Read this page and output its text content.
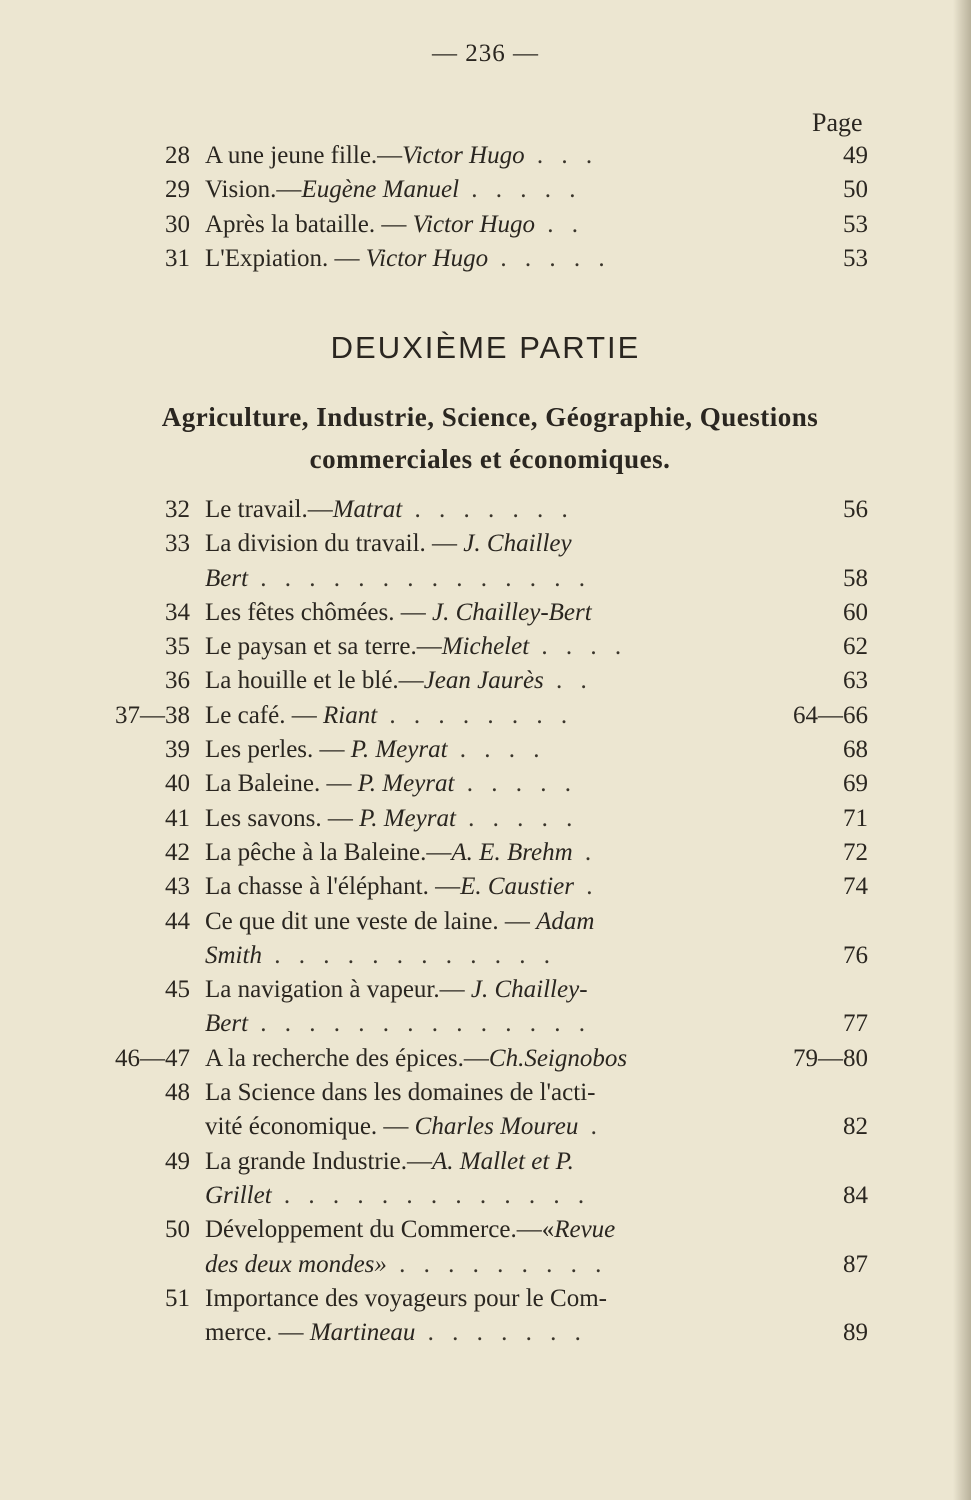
— 236 —
Page
28 A une jeune fille.—Victor Hugo . . .	49
29 Vision.—Eugène Manuel . . . . .	50
30 Après la bataille. — Victor Hugo . .	53
31 L'Expiation. — Victor Hugo . . . . .	53
DEUXIÈME PARTIE
Agriculture, Industrie, Science, Géographie, Questions commerciales et économiques.
32 Le travail.—Matrat . . . . . . .	56
33 La division du travail. — J. Chailley
Bert . . . . . . . . . . . . . .	58
34 Les fêtes chômées. — J. Chailley-Bert	60
35 Le paysan et sa terre.—Michelet . . . .	62
36 La houille et le blé.—Jean Jaurès . .	63
37—38 Le café. — Riant . . . . . . . .	64—66
39 Les perles. — P. Meyrat . . . .	68
40 La Baleine. — P. Meyrat . . . . .	69
41 Les savons. — P. Meyrat . . . . .	71
42 La pêche à la Baleine.—A. E. Brehm .	72
43 La chasse à l'éléphant. —E. Caustier .	74
44 Ce que dit une veste de laine. — Adam
Smith . . . . . . . . . . . .	76
45 La navigation à vapeur.— J. Chailley-
Bert . . . . . . . . . . . . . .	77
46—47 A la recherche des épices.—Ch.Seignobos	79—80
48 La Science dans les domaines de l'acti-
vité économique. — Charles Moureu .	82
49 La grande Industrie.—A. Mallet et P.
Grillet . . . . . . . . . . . . .	84
50 Développement du Commerce.—«Revue
des deux mondes» . . . . . . . . .	87
51 Importance des voyageurs pour le Com-
merce. — Martineau . . . . . . .	89
